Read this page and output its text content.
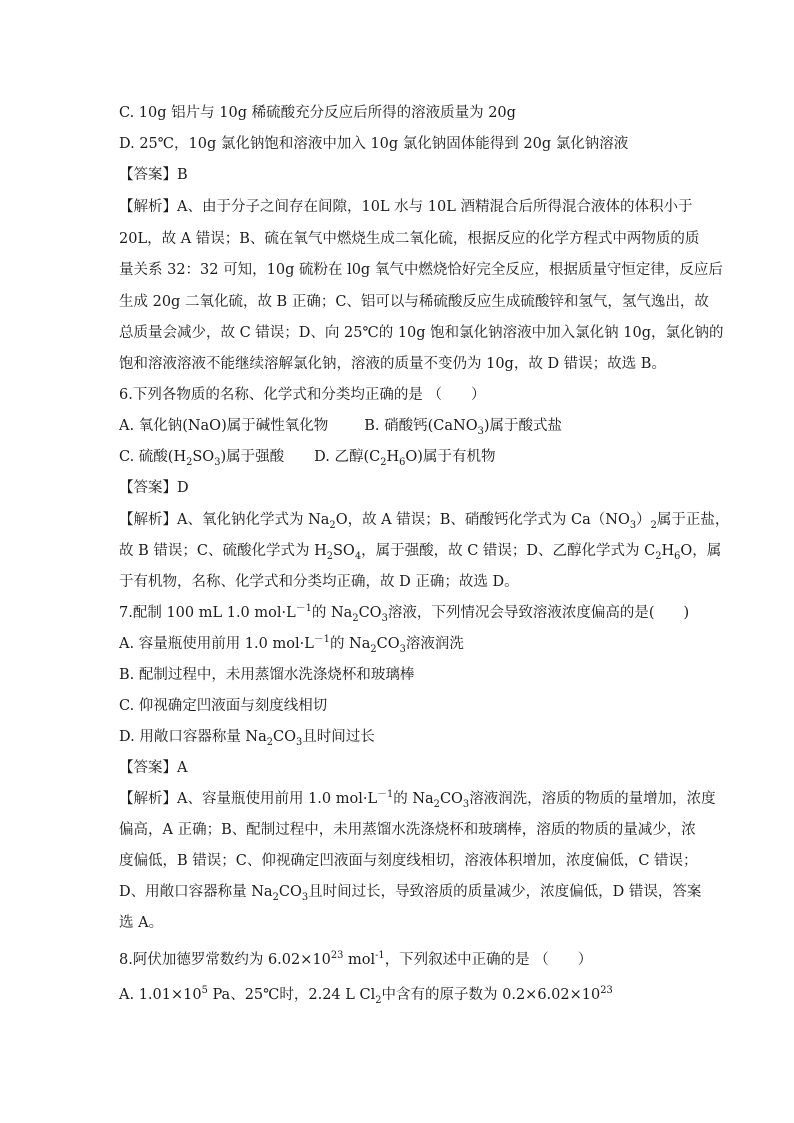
C. 10g 铝片与 10g 稀硫酸充分反应后所得的溶液质量为 20g
D. 25℃，10g 氯化钠饱和溶液中加入 10g 氯化钠固体能得到 20g 氯化钠溶液
【答案】B
【解析】A、由于分子之间存在间隙，10L 水与 10L 酒精混合后所得混合液体的体积小于
20L，故 A 错误；B、硫在氧气中燃烧生成二氧化硫，根据反应的化学方程式中两物质的质
量关系 32：32 可知，10g 硫粉在 l0g 氧气中燃烧恰好完全反应，根据质量守恒定律，反应后
生成 20g 二氧化硫，故 B 正确；C、铝可以与稀硫酸反应生成硫酸锌和氢气，氢气逸出，故
总质量会减少，故 C 错误；D、向 25℃的 10g 饱和氯化钠溶液中加入氯化钠 10g，氯化钠的
饱和溶液溶液不能继续溶解氯化钠，溶液的质量不变仍为 10g，故 D 错误；故选 B。
6.下列各物质的名称、化学式和分类均正确的是 （　　）
A. 氧化钠(NaO)属于碱性氧化物 B. 硝酸钙(CaNO$_3$)属于酸式盐
C. 硫酸$(H_2SO_3)$属于强酸 D. 乙醇$(C_2H_6O)$属于有机物
【答案】D
【解析】A、氧化钠化学式为 $Na_2O$，故 A 错误；B、硝酸钙化学式为 $Ca(NO_3)_2$属于正盐，
故 B 错误；C、硫酸化学式为 $H_2SO_4$，属于强酸，故 C 错误；D、乙醇化学式为 $C_2H_6O$，属
于有机物，名称、化学式和分类均正确，故 D 正确；故选 D。
7.配制 100 mL 1.0 $mol\cdot L^{-1}$的 $Na_2CO_3$溶液，下列情况会导致溶液浓度偏高的是(　　)
A. 容量瓶使用前用 1.0 $mol\cdot L^{-1}$的 $Na_2CO_3$溶液润洗
B. 配制过程中，未用蒸馏水洗涤烧杯和玻璃棒
C. 仰视确定凹液面与刻度线相切
D. 用敞口容器称量 $Na_2CO_3$且时间过长
【答案】A
【解析】A、容量瓶使用前用 1.0 $mol\cdot L^{-1}$的 $Na_2CO_3$溶液润洗，溶质的物质的量增加，浓度
偏高，A 正确；B、配制过程中，未用蒸馏水洗涤烧杯和玻璃棒，溶质的物质的量减少，浓
度偏低，B 错误；C、仰视确定凹液面与刻度线相切，溶液体积增加，浓度偏低，C 错误；
D、用敞口容器称量 $Na_2CO_3$且时间过长，导致溶质的质量减少，浓度偏低，D 错误，答案
选 A。
8.阿伏加德罗常数约为 $6.02\times 10^{23}$ mol$^{-1}$，下列叙述中正确的是 （　　）
A. $1.01\times 10^5$ Pa、25℃时，2.24 L $Cl_2$中含有的原子数为 $0.2\times 6.02\times 10^{23}$
